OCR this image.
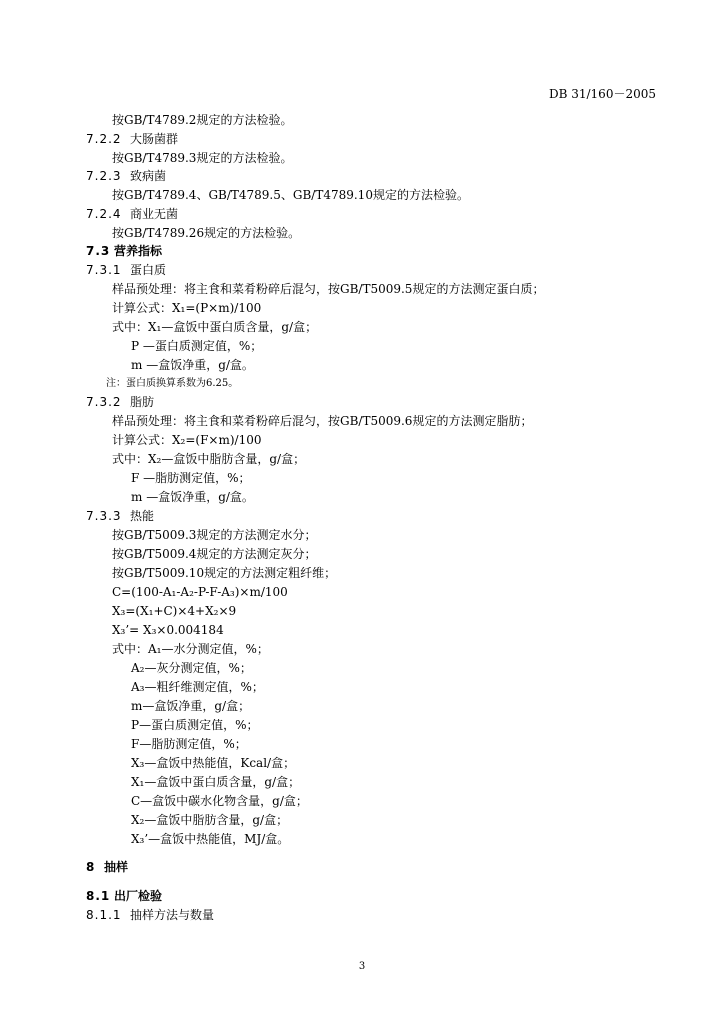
DB 31/160－2005
按GB/T4789.2规定的方法检验。
7.2.2 大肠菌群
按GB/T4789.3规定的方法检验。
7.2.3 致病菌
按GB/T4789.4、GB/T4789.5、GB/T4789.10规定的方法检验。
7.2.4 商业无菌
按GB/T4789.26规定的方法检验。
7.3 营养指标
7.3.1 蛋白质
样品预处理：将主食和菜肴粉碎后混匀，按GB/T5009.5规定的方法测定蛋白质；
计算公式：X₁=(P×m)/100
式中：X₁—盒饭中蛋白质含量，g/盒；
P —蛋白质测定值，%；
m —盒饭净重，g/盒。
注：蛋白质换算系数为6.25。
7.3.2 脂肪
样品预处理：将主食和菜肴粉碎后混匀，按GB/T5009.6规定的方法测定脂肪；
计算公式：X₂=(F×m)/100
式中：X₂—盒饭中脂肪含量，g/盒；
F —脂肪测定值，%；
m —盒饭净重，g/盒。
7.3.3 热能
按GB/T5009.3规定的方法测定水分；
按GB/T5009.4规定的方法测定灰分；
按GB/T5009.10规定的方法测定粗纤维；
C=(100-A₁-A₂-P-F-A₃)×m/100
X₃=(X₁+C)×4+X₂×9
X₃’= X₃×0.004184
式中：A₁—水分测定值，%；
A₂—灰分测定值，%；
A₃—粗纤维测定值，%；
m—盒饭净重，g/盒；
P—蛋白质测定值，%；
F—脂肪测定值，%；
X₃—盒饭中热能值，Kcal/盒；
X₁—盒饭中蛋白质含量，g/盒；
C—盒饭中碳水化物含量，g/盒；
X₂—盒饭中脂肪含量，g/盒；
X₃’—盒饭中热能值，MJ/盒。
8 抽样
8.1 出厂检验
8.1.1 抽样方法与数量
3
